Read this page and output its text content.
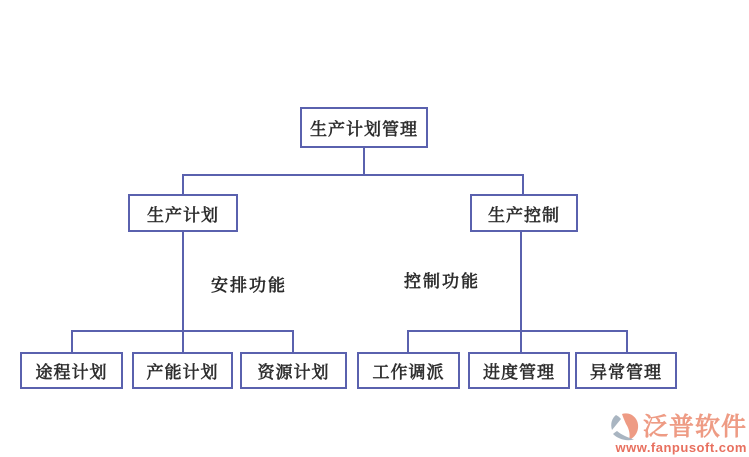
安排功能	控制功能
生产计划管理
生产计划	生产控制
途程计划	产能计划	资源计划	工作调派	进度管理	异常管理
泛普软件
www.fanpusoft.com
